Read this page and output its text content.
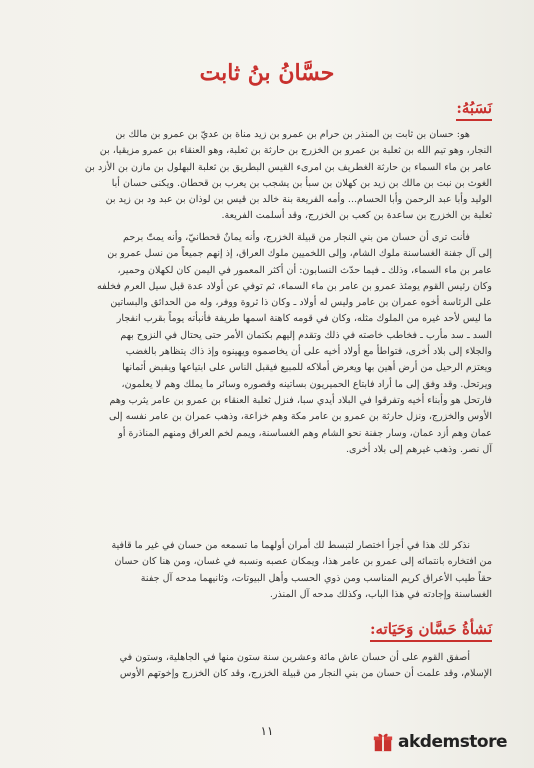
حسَّانُ بنُ ثابت
نَسَبُهُ:

هو: حسان بن ثابت بن المنذر بن حرام بن عمرو بن زيد مناة بن عديّ بن عمرو بن مالك بن

النجار، وهو تيم الله بن ثعلبة بن عمرو بن الخزرج بن حارثة بن ثعلبة، وهو العنقاء بن عمرو مزيقيا، بن

عامر بن ماء السماء بن حارثة الغطريف بن امرىء القيس البطريق بن ثعلبة البهلول بن مازن بن الأزد بن

الغوث بن نبت بن مالك بن زيد بن كهلان بن سبأ بن يشجب بن يعرب بن قحطان. ويكنى حسان أبا

الوليد وأبا عبد الرحمن وأبا الحسام... وأمه الفريعة بنة خالد بن قيس بن لوذان بن عبد ود بن زيد بن

ثعلبة بن الخزرج بن ساعدة بن كعب بن الخزرج، وقد أسلمت الفريعة.

فأنت ترى أن حسان من بني النجار من قبيلة الخزرج، وأنه يمانٌ قحطانيّ، وأنه يمتّ برحم

إلى آل جفنة الغساسنة ملوك الشام، وإلى اللخميين ملوك العراق، إذ إنهم جميعاً من نسل عمرو بن

عامر بن ماء السماء، وذلك ـ فيما حدّث النسابون: أن أكثر المعمور في اليمن كان لكهلان وحمير،

وكان رئيس القوم يومئذ عمرو بن عامر بن ماء السماء، ثم توفي عن أولاد عدة قبل سيل العرم فخلفه

على الرئاسة أخوه عمران بن عامر وليس له أولاد ـ وكان ذا ثروة ووفر، وله من الحدائق والبساتين

ما ليس لأحد غيره من الملوك مثله، وكان في قومه كاهنة اسمها طريفة فأنبأته يوماً بقرب انفجار

السد ـ سد مأرب ـ فخاطب خاصته في ذلك وتقدم إليهم بكتمان الأمر حتى يحتال في النزوح بهم

والجلاء إلى بلاد أخرى، فتواطأ مع أولاد أخيه على أن يخاصموه ويهينوه وإذ ذاك يتظاهر بالغضب

ويعتزم الرحيل من أرض أهين بها ويعرض أملاكه للمبيع فيقبل الناس على ابتياعها ويقبض أثمانها

ويرتحل. وقد وفق إلى ما أراد فابتاع الحميريون بساتينه وقصوره وسائر ما يملك وهم لا يعلمون،

فارتحل هو وأبناء أخيه وتفرقوا في البلاد أيدي سبا، فنزل ثعلبة العنقاء بن عمرو بن عامر يثرب وهم

الأوس والخزرج، ونزل حارثة بن عمرو بن عامر مكة وهم خزاعة، وذهب عمران بن عامر نفسه إلى

عمان وهم أزد عمان، وسار جفنة نحو الشام وهم الغساسنة، ويمم لخم العراق ومنهم المناذرة أو

آل نصر. وذهب غيرهم إلى بلاد أخرى.

نذكر لك هذا في أجزأ اختصار لتبسط لك أمران أولهما ما تسمعه من حسان في غير ما قافية

من افتخاره بانتمائه إلى عمرو بن عامر هذا، ويمكان عصبه ونسبه في غسان، ومن هنا كان حسان

حقاً طيب الأعراق كريم المناسب ومن ذوي الحسب وأهل البيوتات، وثانيهما مدحه آل جفنة

الغساسنة وإجادته في هذا الباب، وكذلك مدحه آل المنذر.

نَشأةُ حَسَّان وَحَيَاته:

أصفق القوم على أن حسان عاش مائة وعشرين سنة ستون منها في الجاهلية، وستون في

الإسلام، وقد علمت أن حسان من بني النجار من قبيلة الخزرج، وقد كان الخزرج وإخوتهم الأوس

١١
akdemstore
